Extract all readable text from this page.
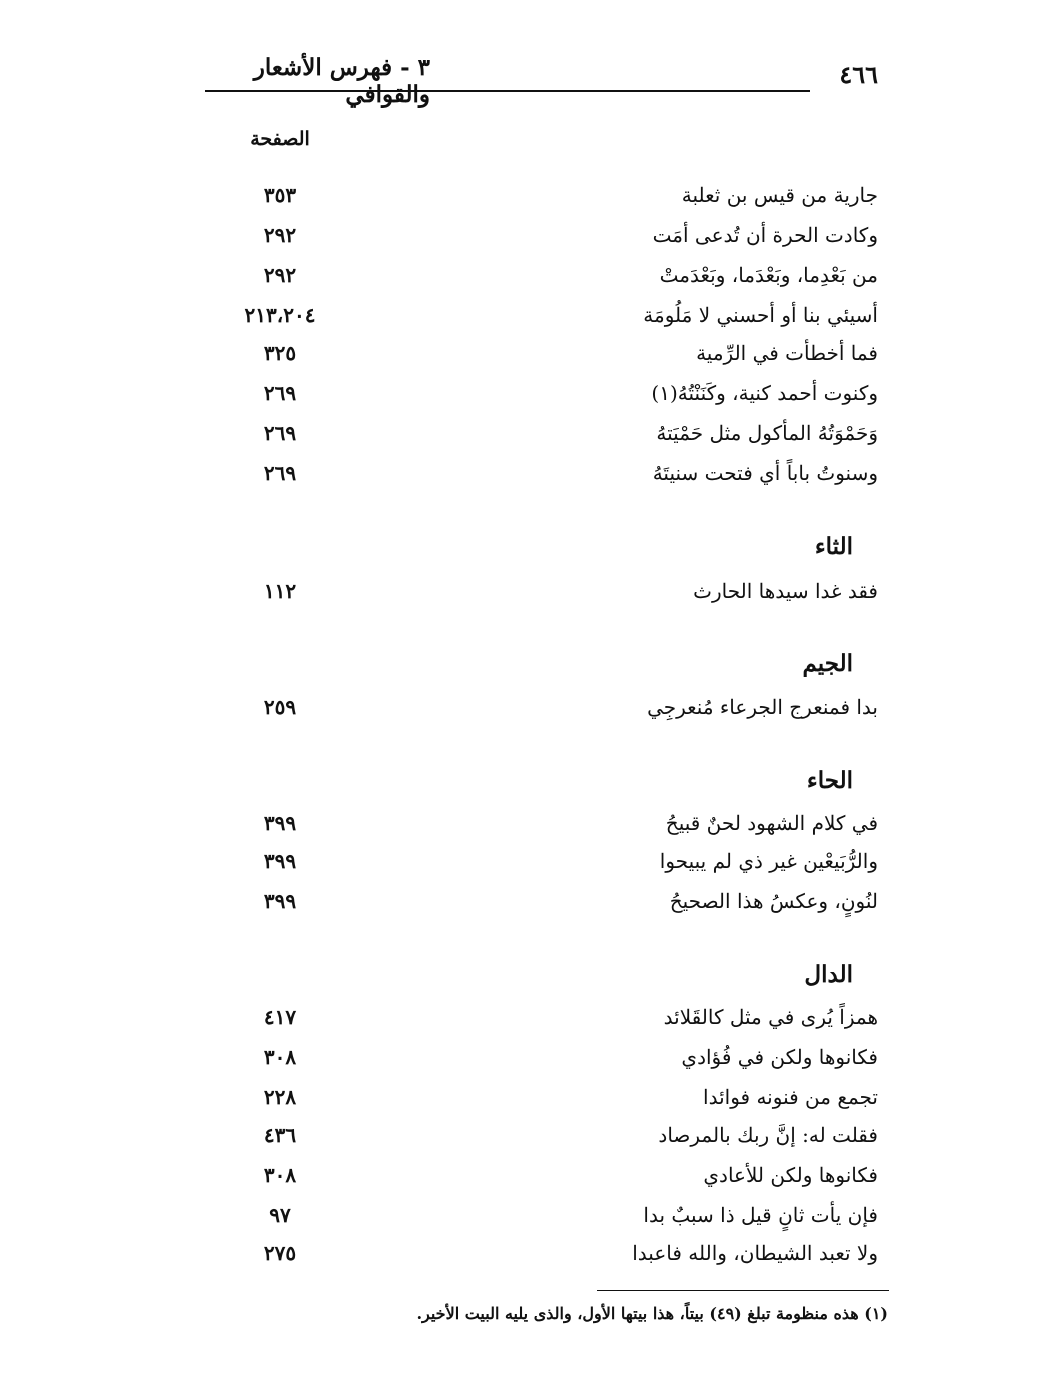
٤٦٦
٣ - فهرس الأشعار والقوافي
الصفحة
جارية من قيس بن ثعلبة
٣٥٣
وكادت الحرة أن تُدعى أمَت
٢٩٢
من بَعْدِما، وبَعْدَما، وبَعْدَمتْ
٢٩٢
أسيئي بنا أو أحسني لا مَلُومَة
٢١٣،٢٠٤
فما أخطأت في الرِّمية
٣٢٥
وكنوت أحمد كنية، وكَنَنْتُهُ(١)
٢٦٩
وَحَمْوَتُهُ المأكول مثل حَمْيَتهُ
٢٦٩
وسنوتُ باباً أي فتحت سنيتَهُ
٢٦٩
الثاء
فقد غدا سيدها الحارث
١١٢
الجيم
بدا فمنعرج الجرعاء مُنعرجِي
٢٥٩
الحاء
في كلام الشهود لحنٌ قبيحُ
٣٩٩
والرُّبَيعْين غير ذي لم يبيحوا
٣٩٩
لنُونٍ، وعكسُ هذا الصحيحُ
٣٩٩
الدال
همزاً يُرى في مثل كالقَلائد
٤١٧
فكانوها ولكن في فُؤادي
٣٠٨
تجمع من فنونه فوائدا
٢٢٨
فقلت له: إنَّ ربك بالمرصاد
٤٣٦
فكانوها ولكن للأعادي
٣٠٨
فإن يأت ثانٍ قيل ذا سببٌ بدا
٩٧
ولا تعبد الشيطان، والله فاعبدا
٢٧٥
(١) هذه منظومة تبلغ (٤٩) بيتاً، هذا بيتها الأول، والذى يليه البيت الأخير.
